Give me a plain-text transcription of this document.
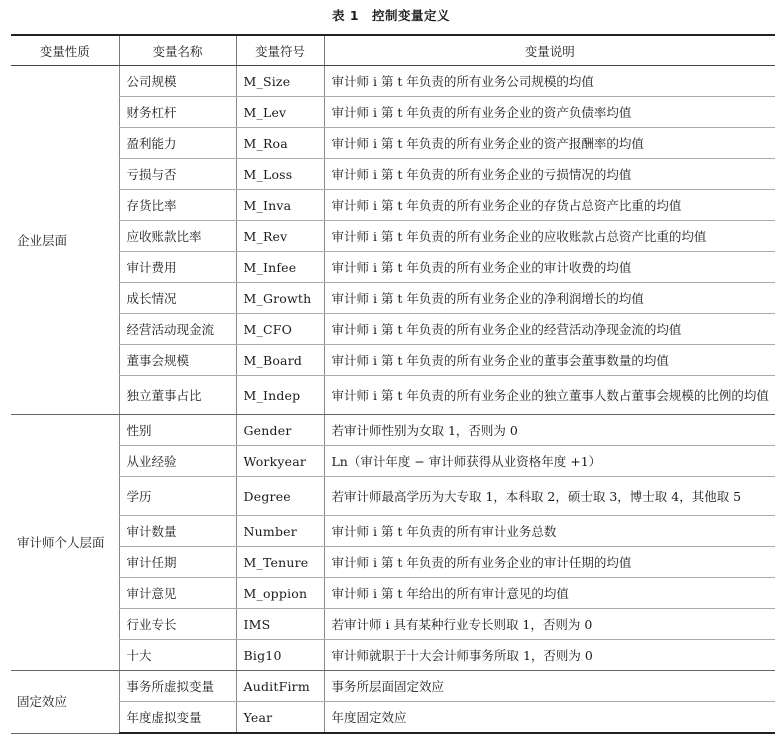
表 1　控制变量定义
变量性质	变量名称	变量符号	变量说明
企业层面	公司规模	M_Size	审计师 i 第 t 年负责的所有业务公司规模的均值
	财务杠杆	M_Lev	审计师 i 第 t 年负责的所有业务企业的资产负债率均值
	盈利能力	M_Roa	审计师 i 第 t 年负责的所有业务企业的资产报酬率的均值
	亏损与否	M_Loss	审计师 i 第 t 年负责的所有业务企业的亏损情况的均值
	存货比率	M_Inva	审计师 i 第 t 年负责的所有业务企业的存货占总资产比重的均值
	应收账款比率	M_Rev	审计师 i 第 t 年负责的所有业务企业的应收账款占总资产比重的均值
	审计费用	M_Infee	审计师 i 第 t 年负责的所有业务企业的审计收费的均值
	成长情况	M_Growth	审计师 i 第 t 年负责的所有业务企业的净利润增长的均值
	经营活动现金流	M_CFO	审计师 i 第 t 年负责的所有业务企业的经营活动净现金流的均值
	董事会规模	M_Board	审计师 i 第 t 年负责的所有业务企业的董事会董事数量的均值
	独立董事占比	M_Indep	审计师 i 第 t 年负责的所有业务企业的独立董事人数占董事会规模的比例的均值
审计师个人层面	性别	Gender	若审计师性别为女取 1，否则为 0
	从业经验	Workyear	Ln（审计年度 − 审计师获得从业资格年度 +1）
	学历	Degree	若审计师最高学历为大专取 1，本科取 2，硕士取 3，博士取 4，其他取 5
	审计数量	Number	审计师 i 第 t 年负责的所有审计业务总数
	审计任期	M_Tenure	审计师 i 第 t 年负责的所有业务企业的审计任期的均值
	审计意见	M_oppion	审计师 i 第 t 年给出的所有审计意见的均值
	行业专长	IMS	若审计师 i 具有某种行业专长则取 1，否则为 0
	十大	Big10	审计师就职于十大会计师事务所取 1，否则为 0
固定效应	事务所虚拟变量	AuditFirm	事务所层面固定效应
	年度虚拟变量	Year	年度固定效应
